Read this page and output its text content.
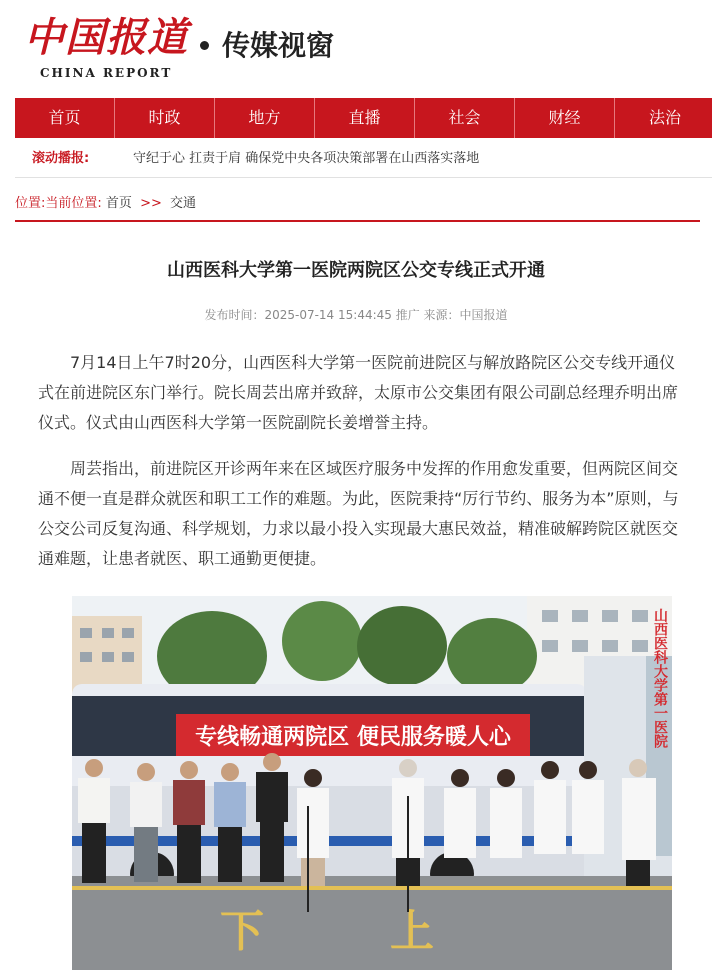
中国报道
CHINA REPORT
传媒视窗
首页	时政	地方	直播	社会	财经	法治
滚动播报:	守纪于心 扛责于肩 确保党中央各项决策部署在山西落实落地
位置:当前位置: 首页 >> 交通
山西医科大学第一医院两院区公交专线正式开通
发布时间：2025-07-14 15:44:45 推广 来源：中国报道

7月14日上午7时20分，山西医科大学第一医院前进院区与解放路院区公交专线开通仪式在前进院区东门举行。院长周芸出席并致辞，太原市公交集团有限公司副总经理乔明出席仪式。仪式由山西医科大学第一医院副院长姜增誉主持。

周芸指出，前进院区开诊两年来在区域医疗服务中发挥的作用愈发重要，但两院区间交通不便一直是群众就医和职工工作的难题。为此，医院秉持“厉行节约、服务为本”原则，与公交公司反复沟通、科学规划，力求以最小投入实现最大惠民效益，精准破解跨院区就医交通难题，让患者就医、职工通勤更便捷。

山西医科大学第一医院
专线畅通两院区 便民服务暖人心
下	上
